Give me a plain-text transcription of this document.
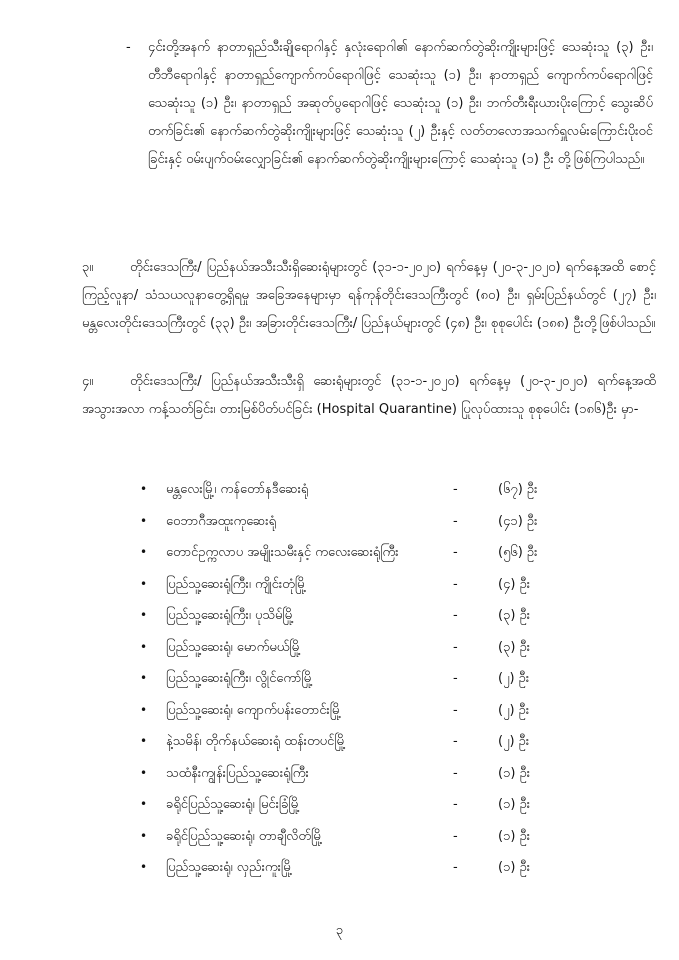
- ၄င်းတို့အနက် နာတာရှည်သီးချိုရောဂါနှင့် နှလုံးရောဂါ၏ နောက်ဆက်တွဲဆိုးကျိုးများဖြင့် သေဆုံးသူ (၃) ဦး၊ တီဘီရောဂါနှင့် နာတာရှည်ကျောက်ကပ်ရောဂါဖြင့် သေဆုံးသူ (၁) ဦး၊ နာတာရှည် ကျောက်ကပ်ရောဂါဖြင့်သေဆုံးသူ (၁) ဦး၊ နာတာရှည် အဆုတ်ပွရောဂါဖြင့် သေဆုံးသူ (၁) ဦး၊ ဘက်တီးရီးယားပိုးကြောင့် သွေးဆိပ်တက်ခြင်း၏ နောက်ဆက်တွဲဆိုးကျိုးများဖြင့် သေဆုံးသူ (၂) ဦးနှင့် လတ်တလောအသက်ရှူလမ်းကြောင်းပိုးဝင်ခြင်းနှင့် ဝမ်းပျက်ဝမ်းလျှောခြင်း၏ နောက်ဆက်တွဲဆိုးကျိုးများကြောင့် သေဆုံးသူ (၁) ဦး တို့ဖြစ်ကြပါသည်။

၃။	တိုင်းဒေသကြီး/ ပြည်နယ်အသီးသီးရှိဆေးရုံများတွင် (၃၁-၁-၂၀၂၀) ရက်နေ့မှ (၂၀-၃-၂၀၂၀) ရက်နေ့အထိ စောင့်ကြည့်လူနာ/ သံသယလူနာတွေ့ရှိရမှု အခြေအနေများမှာ ရန်ကုန်တိုင်းဒေသကြီးတွင် (၈၀) ဦး၊ ရှမ်းပြည်နယ်တွင် (၂၇) ဦး၊ မန္တလေးတိုင်းဒေသကြီးတွင် (၃၃) ဦး၊ အခြားတိုင်းဒေသကြီး/ ပြည်နယ်များတွင် (၄၈) ဦး၊ စုစုပေါင်း (၁၈၈) ဦးတို့ဖြစ်ပါသည်။

၄။	တိုင်းဒေသကြီး/ ပြည်နယ်အသီးသီးရှိ ဆေးရုံများတွင် (၃၁-၁-၂၀၂၀) ရက်နေ့မှ (၂၀-၃-၂၀၂၀) ရက်နေ့အထိ အသွားအလာ ကန့်သတ်ခြင်း၊ တားမြစ်ပိတ်ပင်ခြင်း (Hospital Quarantine) ပြုလုပ်ထားသူ စုစုပေါင်း (၁၈၆)ဦး မှာ-

• မန္တလေးမြို့၊ ကန်တော်နဒီဆေးရုံ	-	(၆၇) ဦး
• ဝေဘာဂီအထူးကုဆေးရုံ	-	(၄၁) ဦး
• တောင်ဥက္ကလာပ အမျိုးသမီးနှင့် ကလေးဆေးရုံကြီး	-	(၅၆) ဦး
• ပြည်သူ့ဆေးရုံကြီး၊ ကျိုင်းတုံမြို့	-	(၄) ဦး
• ပြည်သူ့ဆေးရုံကြီး၊ ပုသိမ်မြို့	-	(၃) ဦး
• ပြည်သူ့ဆေးရုံ၊ မောက်မယ်မြို့	-	(၃) ဦး
• ပြည်သူ့ဆေးရုံကြီး၊ လွိုင်ကော်မြို့	-	(၂) ဦး
• ပြည်သူ့ဆေးရုံ၊ ကျောက်ပန်းတောင်းမြို့	-	(၂) ဦး
• နဲ့သမိန်၊ တိုက်နယ်ဆေးရုံ ထန်းတပင်မြို့	-	(၂) ဦး
• သထံနီးကျွန်းပြည်သူ့ဆေးရုံကြီး	-	(၁) ဦး
• ခရိုင်ပြည်သူ့ဆေးရုံ၊ မြင်းခြံမြို့	-	(၁) ဦး
• ခရိုင်ပြည်သူ့ဆေးရုံ၊ တာချီလိတ်မြို့	-	(၁) ဦး
• ပြည်သူ့ဆေးရုံ၊ လှည်းကူးမြို့	-	(၁) ဦး
၃
